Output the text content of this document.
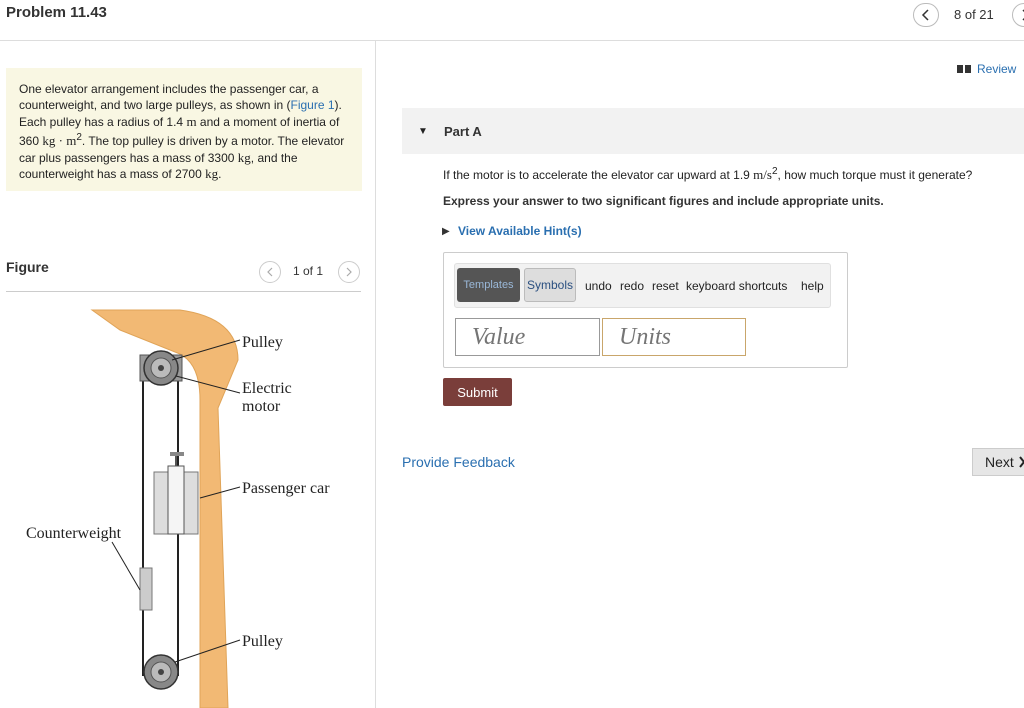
Problem 11.43	8 of 21
One elevator arrangement includes the passenger car, a counterweight, and two large pulleys, as shown in (Figure 1). Each pulley has a radius of 1.4 m and a moment of inertia of 360 kg · $m^2$. The top pulley is driven by a motor. The elevator car plus passengers has a mass of 3300 kg, and the counterweight has a mass of 2700 kg.
Figure	1 of 1
Pulley
Electric
motor
Passenger car
Counterweight
Pulley
Review
▼ Part A
If the motor is to accelerate the elevator car upward at 1.9 $m/s^2$, how much torque must it generate?
Express your answer to two significant figures and include appropriate units.
▶ View Available Hint(s)
Templates	Symbols undo redo reset keyboard shortcuts help
Value
Units
Submit
Provide Feedback	Next
